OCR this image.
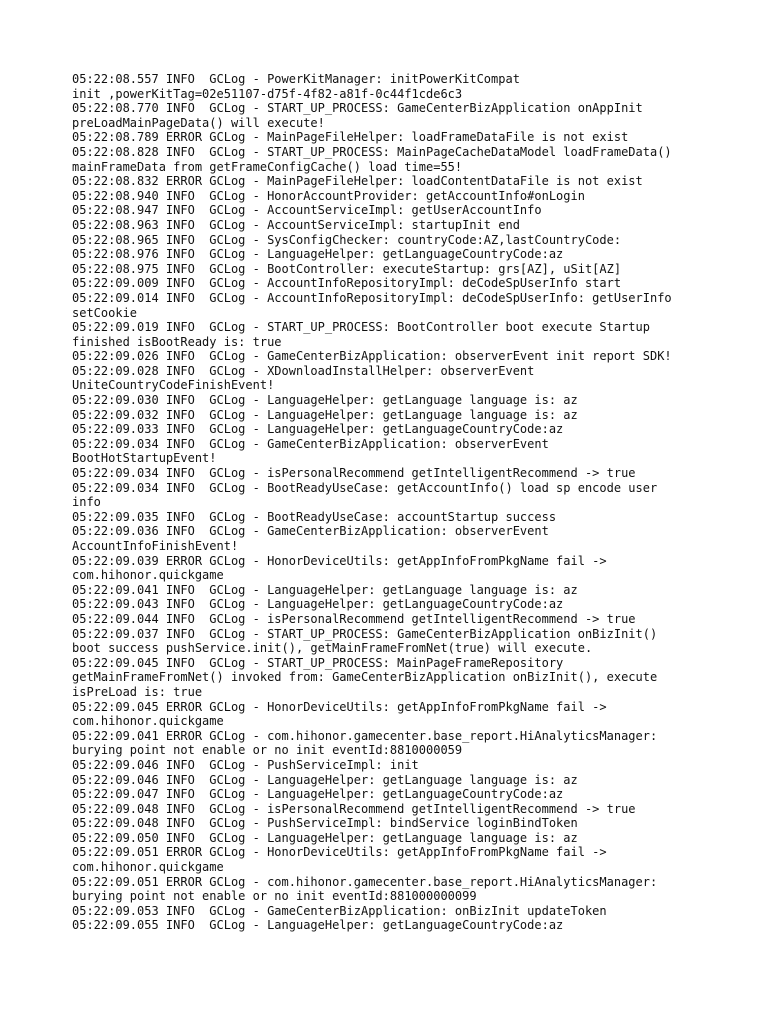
05:22:08.557 INFO  GCLog - PowerKitManager: initPowerKitCompat

init ,powerKitTag=02e51107-d75f-4f82-a81f-0c44f1cde6c3

05:22:08.770 INFO  GCLog - START_UP_PROCESS: GameCenterBizApplication onAppInit

preLoadMainPageData() will execute!

05:22:08.789 ERROR GCLog - MainPageFileHelper: loadFrameDataFile is not exist

05:22:08.828 INFO  GCLog - START_UP_PROCESS: MainPageCacheDataModel loadFrameData()

mainFrameData from getFrameConfigCache() load time=55!

05:22:08.832 ERROR GCLog - MainPageFileHelper: loadContentDataFile is not exist

05:22:08.940 INFO  GCLog - HonorAccountProvider: getAccountInfo#onLogin

05:22:08.947 INFO  GCLog - AccountServiceImpl: getUserAccountInfo

05:22:08.963 INFO  GCLog - AccountServiceImpl: startupInit end

05:22:08.965 INFO  GCLog - SysConfigChecker: countryCode:AZ,lastCountryCode:

05:22:08.976 INFO  GCLog - LanguageHelper: getLanguageCountryCode:az

05:22:08.975 INFO  GCLog - BootController: executeStartup: grs[AZ], uSit[AZ]

05:22:09.009 INFO  GCLog - AccountInfoRepositoryImpl: deCodeSpUserInfo start

05:22:09.014 INFO  GCLog - AccountInfoRepositoryImpl: deCodeSpUserInfo: getUserInfo

setCookie

05:22:09.019 INFO  GCLog - START_UP_PROCESS: BootController boot execute Startup

finished isBootReady is: true

05:22:09.026 INFO  GCLog - GameCenterBizApplication: observerEvent init report SDK!

05:22:09.028 INFO  GCLog - XDownloadInstallHelper: observerEvent

UniteCountryCodeFinishEvent!

05:22:09.030 INFO  GCLog - LanguageHelper: getLanguage language is: az

05:22:09.032 INFO  GCLog - LanguageHelper: getLanguage language is: az

05:22:09.033 INFO  GCLog - LanguageHelper: getLanguageCountryCode:az

05:22:09.034 INFO  GCLog - GameCenterBizApplication: observerEvent

BootHotStartupEvent!

05:22:09.034 INFO  GCLog - isPersonalRecommend getIntelligentRecommend -> true

05:22:09.034 INFO  GCLog - BootReadyUseCase: getAccountInfo() load sp encode user

info

05:22:09.035 INFO  GCLog - BootReadyUseCase: accountStartup success

05:22:09.036 INFO  GCLog - GameCenterBizApplication: observerEvent

AccountInfoFinishEvent!

05:22:09.039 ERROR GCLog - HonorDeviceUtils: getAppInfoFromPkgName fail ->

com.hihonor.quickgame

05:22:09.041 INFO  GCLog - LanguageHelper: getLanguage language is: az

05:22:09.043 INFO  GCLog - LanguageHelper: getLanguageCountryCode:az

05:22:09.044 INFO  GCLog - isPersonalRecommend getIntelligentRecommend -> true

05:22:09.037 INFO  GCLog - START_UP_PROCESS: GameCenterBizApplication onBizInit()

boot success pushService.init(), getMainFrameFromNet(true) will execute.

05:22:09.045 INFO  GCLog - START_UP_PROCESS: MainPageFrameRepository

getMainFrameFromNet() invoked from: GameCenterBizApplication onBizInit(), execute

isPreLoad is: true

05:22:09.045 ERROR GCLog - HonorDeviceUtils: getAppInfoFromPkgName fail ->

com.hihonor.quickgame

05:22:09.041 ERROR GCLog - com.hihonor.gamecenter.base_report.HiAnalyticsManager:

burying point not enable or no init eventId:8810000059

05:22:09.046 INFO  GCLog - PushServiceImpl: init

05:22:09.046 INFO  GCLog - LanguageHelper: getLanguage language is: az

05:22:09.047 INFO  GCLog - LanguageHelper: getLanguageCountryCode:az

05:22:09.048 INFO  GCLog - isPersonalRecommend getIntelligentRecommend -> true

05:22:09.048 INFO  GCLog - PushServiceImpl: bindService loginBindToken

05:22:09.050 INFO  GCLog - LanguageHelper: getLanguage language is: az

05:22:09.051 ERROR GCLog - HonorDeviceUtils: getAppInfoFromPkgName fail ->

com.hihonor.quickgame

05:22:09.051 ERROR GCLog - com.hihonor.gamecenter.base_report.HiAnalyticsManager:

burying point not enable or no init eventId:881000000099

05:22:09.053 INFO  GCLog - GameCenterBizApplication: onBizInit updateToken

05:22:09.055 INFO  GCLog - LanguageHelper: getLanguageCountryCode:az
